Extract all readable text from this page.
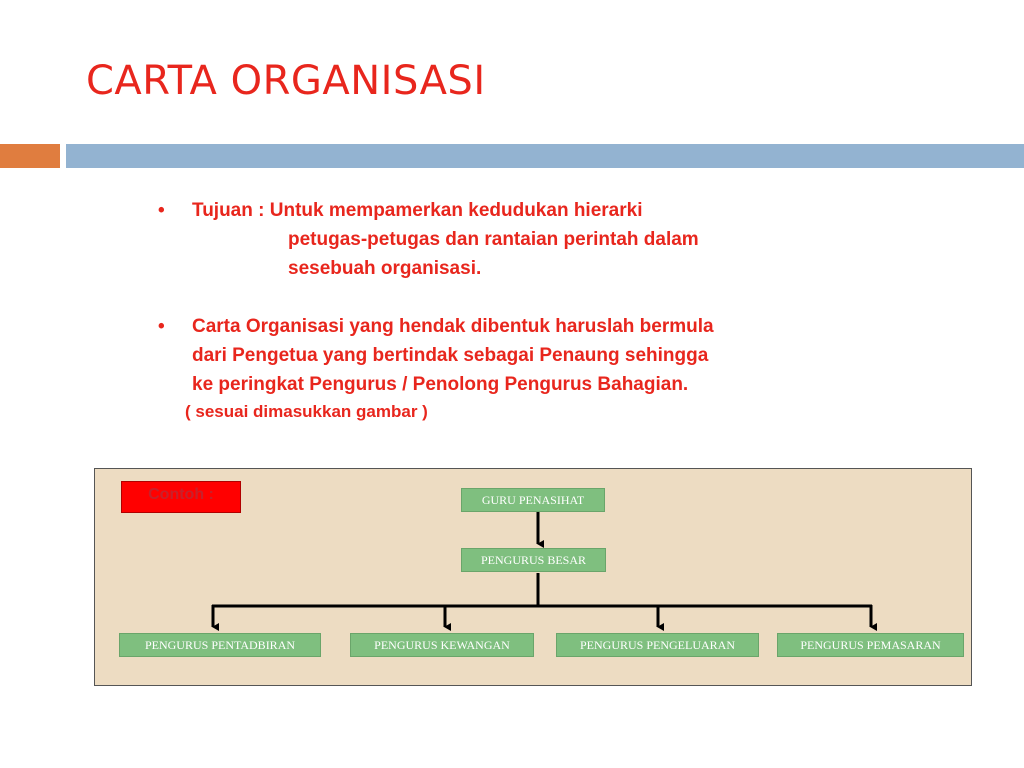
CARTA ORGANISASI
• Tujuan : Untuk mempamerkan kedudukan hierarki
petugas-petugas dan rantaian perintah dalam
sesebuah organisasi.
• Carta Organisasi yang hendak dibentuk haruslah bermula
dari Pengetua yang bertindak sebagai Penaung sehingga
ke peringkat Pengurus / Penolong Pengurus Bahagian.
( sesuai dimasukkan gambar )
Contoh :	GURU PENASIHAT
PENGURUS BESAR
PENGURUS PENTADBIRAN	PENGURUS KEWANGAN	PENGURUS PENGELUARAN	PENGURUS PEMASARAN
